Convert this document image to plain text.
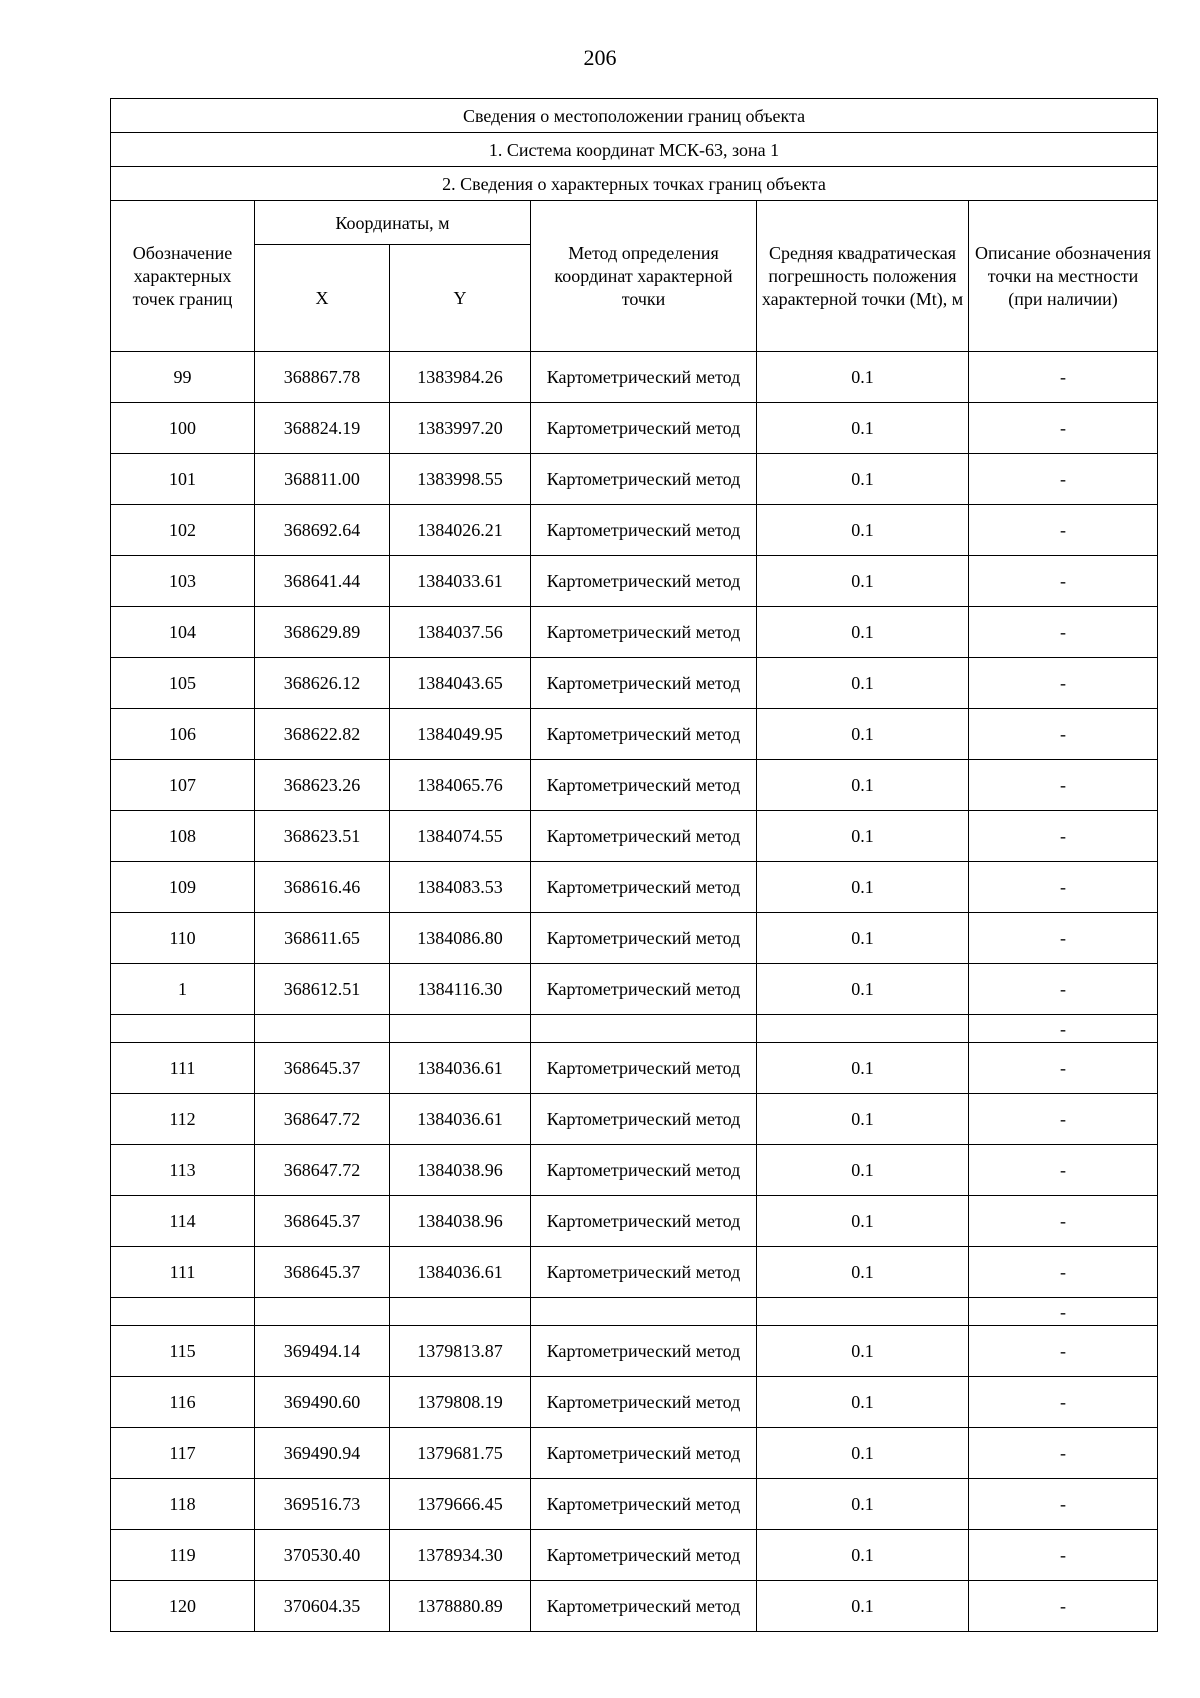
206
Сведения о местоположении границ объекта					
1. Система координат МСК-63, зона 1					
2. Сведения о характерных точках границ объекта					
Обозначение характерных точек границ	Координаты, м		Метод определения координат характерной точки	Средняя квадратическая погрешность положения характерной точки (Mt), м	Описание обозначения точки на местности (при наличии)
	X	Y			
99	368867.78	1383984.26	Картометрический метод	0.1	-
100	368824.19	1383997.20	Картометрический метод	0.1	-
101	368811.00	1383998.55	Картометрический метод	0.1	-
102	368692.64	1384026.21	Картометрический метод	0.1	-
103	368641.44	1384033.61	Картометрический метод	0.1	-
104	368629.89	1384037.56	Картометрический метод	0.1	-
105	368626.12	1384043.65	Картометрический метод	0.1	-
106	368622.82	1384049.95	Картометрический метод	0.1	-
107	368623.26	1384065.76	Картометрический метод	0.1	-
108	368623.51	1384074.55	Картометрический метод	0.1	-
109	368616.46	1384083.53	Картометрический метод	0.1	-
110	368611.65	1384086.80	Картометрический метод	0.1	-
1	368612.51	1384116.30	Картометрический метод	0.1	-
					-
111	368645.37	1384036.61	Картометрический метод	0.1	-
112	368647.72	1384036.61	Картометрический метод	0.1	-
113	368647.72	1384038.96	Картометрический метод	0.1	-
114	368645.37	1384038.96	Картометрический метод	0.1	-
111	368645.37	1384036.61	Картометрический метод	0.1	-
					-
115	369494.14	1379813.87	Картометрический метод	0.1	-
116	369490.60	1379808.19	Картометрический метод	0.1	-
117	369490.94	1379681.75	Картометрический метод	0.1	-
118	369516.73	1379666.45	Картометрический метод	0.1	-
119	370530.40	1378934.30	Картометрический метод	0.1	-
120	370604.35	1378880.89	Картометрический метод	0.1	-
